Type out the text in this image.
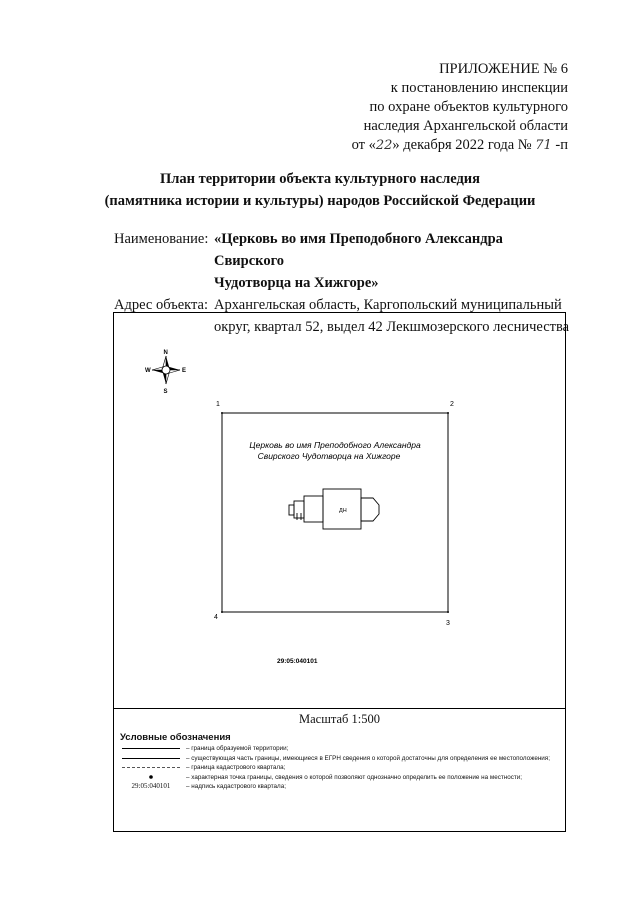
ПРИЛОЖЕНИЕ № 6
к постановлению инспекции
по охране объектов культурного
наследия Архангельской области
от «22» декабря 2022 года № 71 -п
План территории объекта культурного наследия
(памятника истории и культуры) народов Российской Федерации
Наименование: «Церковь во имя Преподобного Александра Свирского
Чудотворца на Хижгоре»
Адрес объекта: Архангельская область, Каргопольский муниципальный
округ, квартал 52, выдел 42 Лекшмозерского лесничества
N
S
E
W
1	2
3
4
Церковь во имя Преподобного Александра
Свирского Чудотворца на Хижгоре
ДН
29:05:040101
Масштаб 1:500
Условные обозначения
– граница образуемой территории;
– существующая часть границы, имеющиеся в ЕГРН сведения о которой достаточны для определения ее местоположения;
– граница кадастрового квартала;
– характерная точка границы, сведения о которой позволяют однозначно определить ее положение на местности;
29:05:040101	– надпись кадастрового квартала;
